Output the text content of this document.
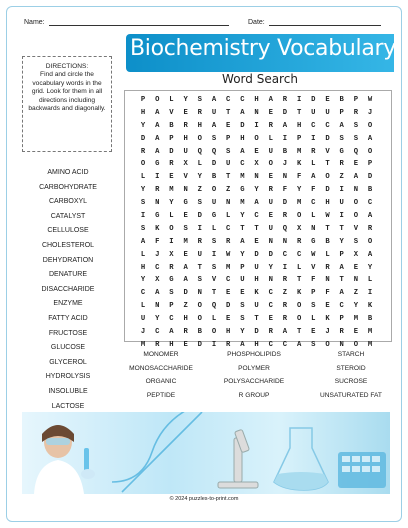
Name:	Date:
Biochemistry Vocabulary
Word Search
DIRECTIONS:
Find and circle the vocabulary words in the grid. Look for them in all directions including backwards and diagonally.
P	O	L	Y	S	A	C	C	H	A	R	I	D	E	B	P	W
H	A	V	E	R	U	T	A	N	E	D	T	U	U	P	R	J
Y	A	B	R	H	A	E	D	I	R	A	H	C	C	A	S	O
D	A	P	H	O	S	P	H	O	L	I	P	I	D	S	S	A
R	A	D	U	Q	Q	S	A	E	U	B	M	R	V	G	Q	O
O	G	R	X	L	D	U	C	X	O	J	K	L	T	R	E	P
L	I	E	V	Y	B	T	M	N	E	N	F	A	O	Z	A	D
Y	R	M	N	Z	O	Z	G	Y	R	F	Y	F	D	I	N	B
S	N	Y	G	S	U	N	M	A	U	D	M	C	H	U	O	C
I	G	L	E	D	G	L	Y	C	E	R	O	L	W	I	O	A
S	K	O	S	I	L	C	T	T	U	Q	X	N	T	T	V	R
A	F	I	M	R	S	R	A	E	N	N	R	G	B	Y	S	O
L	J	X	E	U	I	W	Y	D	D	C	C	W	L	P	X	A
H	C	R	A	T	S	M	P	U	Y	I	L	V	R	A	E	Y
Y	X	G	A	S	V	C	U	H	N	R	T	F	N	T	N	L
C	A	S	D	N	T	E	E	K	C	Z	K	P	F	A	Z	I
L	N	P	Z	O	Q	D	S	U	C	R	O	S	E	C	Y	K
U	Y	C	H	O	L	E	S	T	E	R	O	L	K	P	M	B
J	C	A	R	B	O	H	Y	D	R	A	T	E	J	R	E	M
M	R	H	E	D	I	R	A	H	C	C	A	S	O	N	O	M
AMINO ACID
CARBOHYDRATE
CARBOXYL
CATALYST
CELLULOSE
CHOLESTEROL
DEHYDRATION
DENATURE
DISACCHARIDE
ENZYME
FATTY ACID
FRUCTOSE
GLUCOSE
GLYCEROL
HYDROLYSIS
INSOLUBLE
LACTOSE
MONOMER	PHOSPHOLIPIDS	STARCH
MONOSACCHARIDE	POLYMER	STEROID
ORGANIC	POLYSACCHARIDE	SUCROSE
PEPTIDE	R GROUP	UNSATURATED FAT
© 2024 puzzles-to-print.com
